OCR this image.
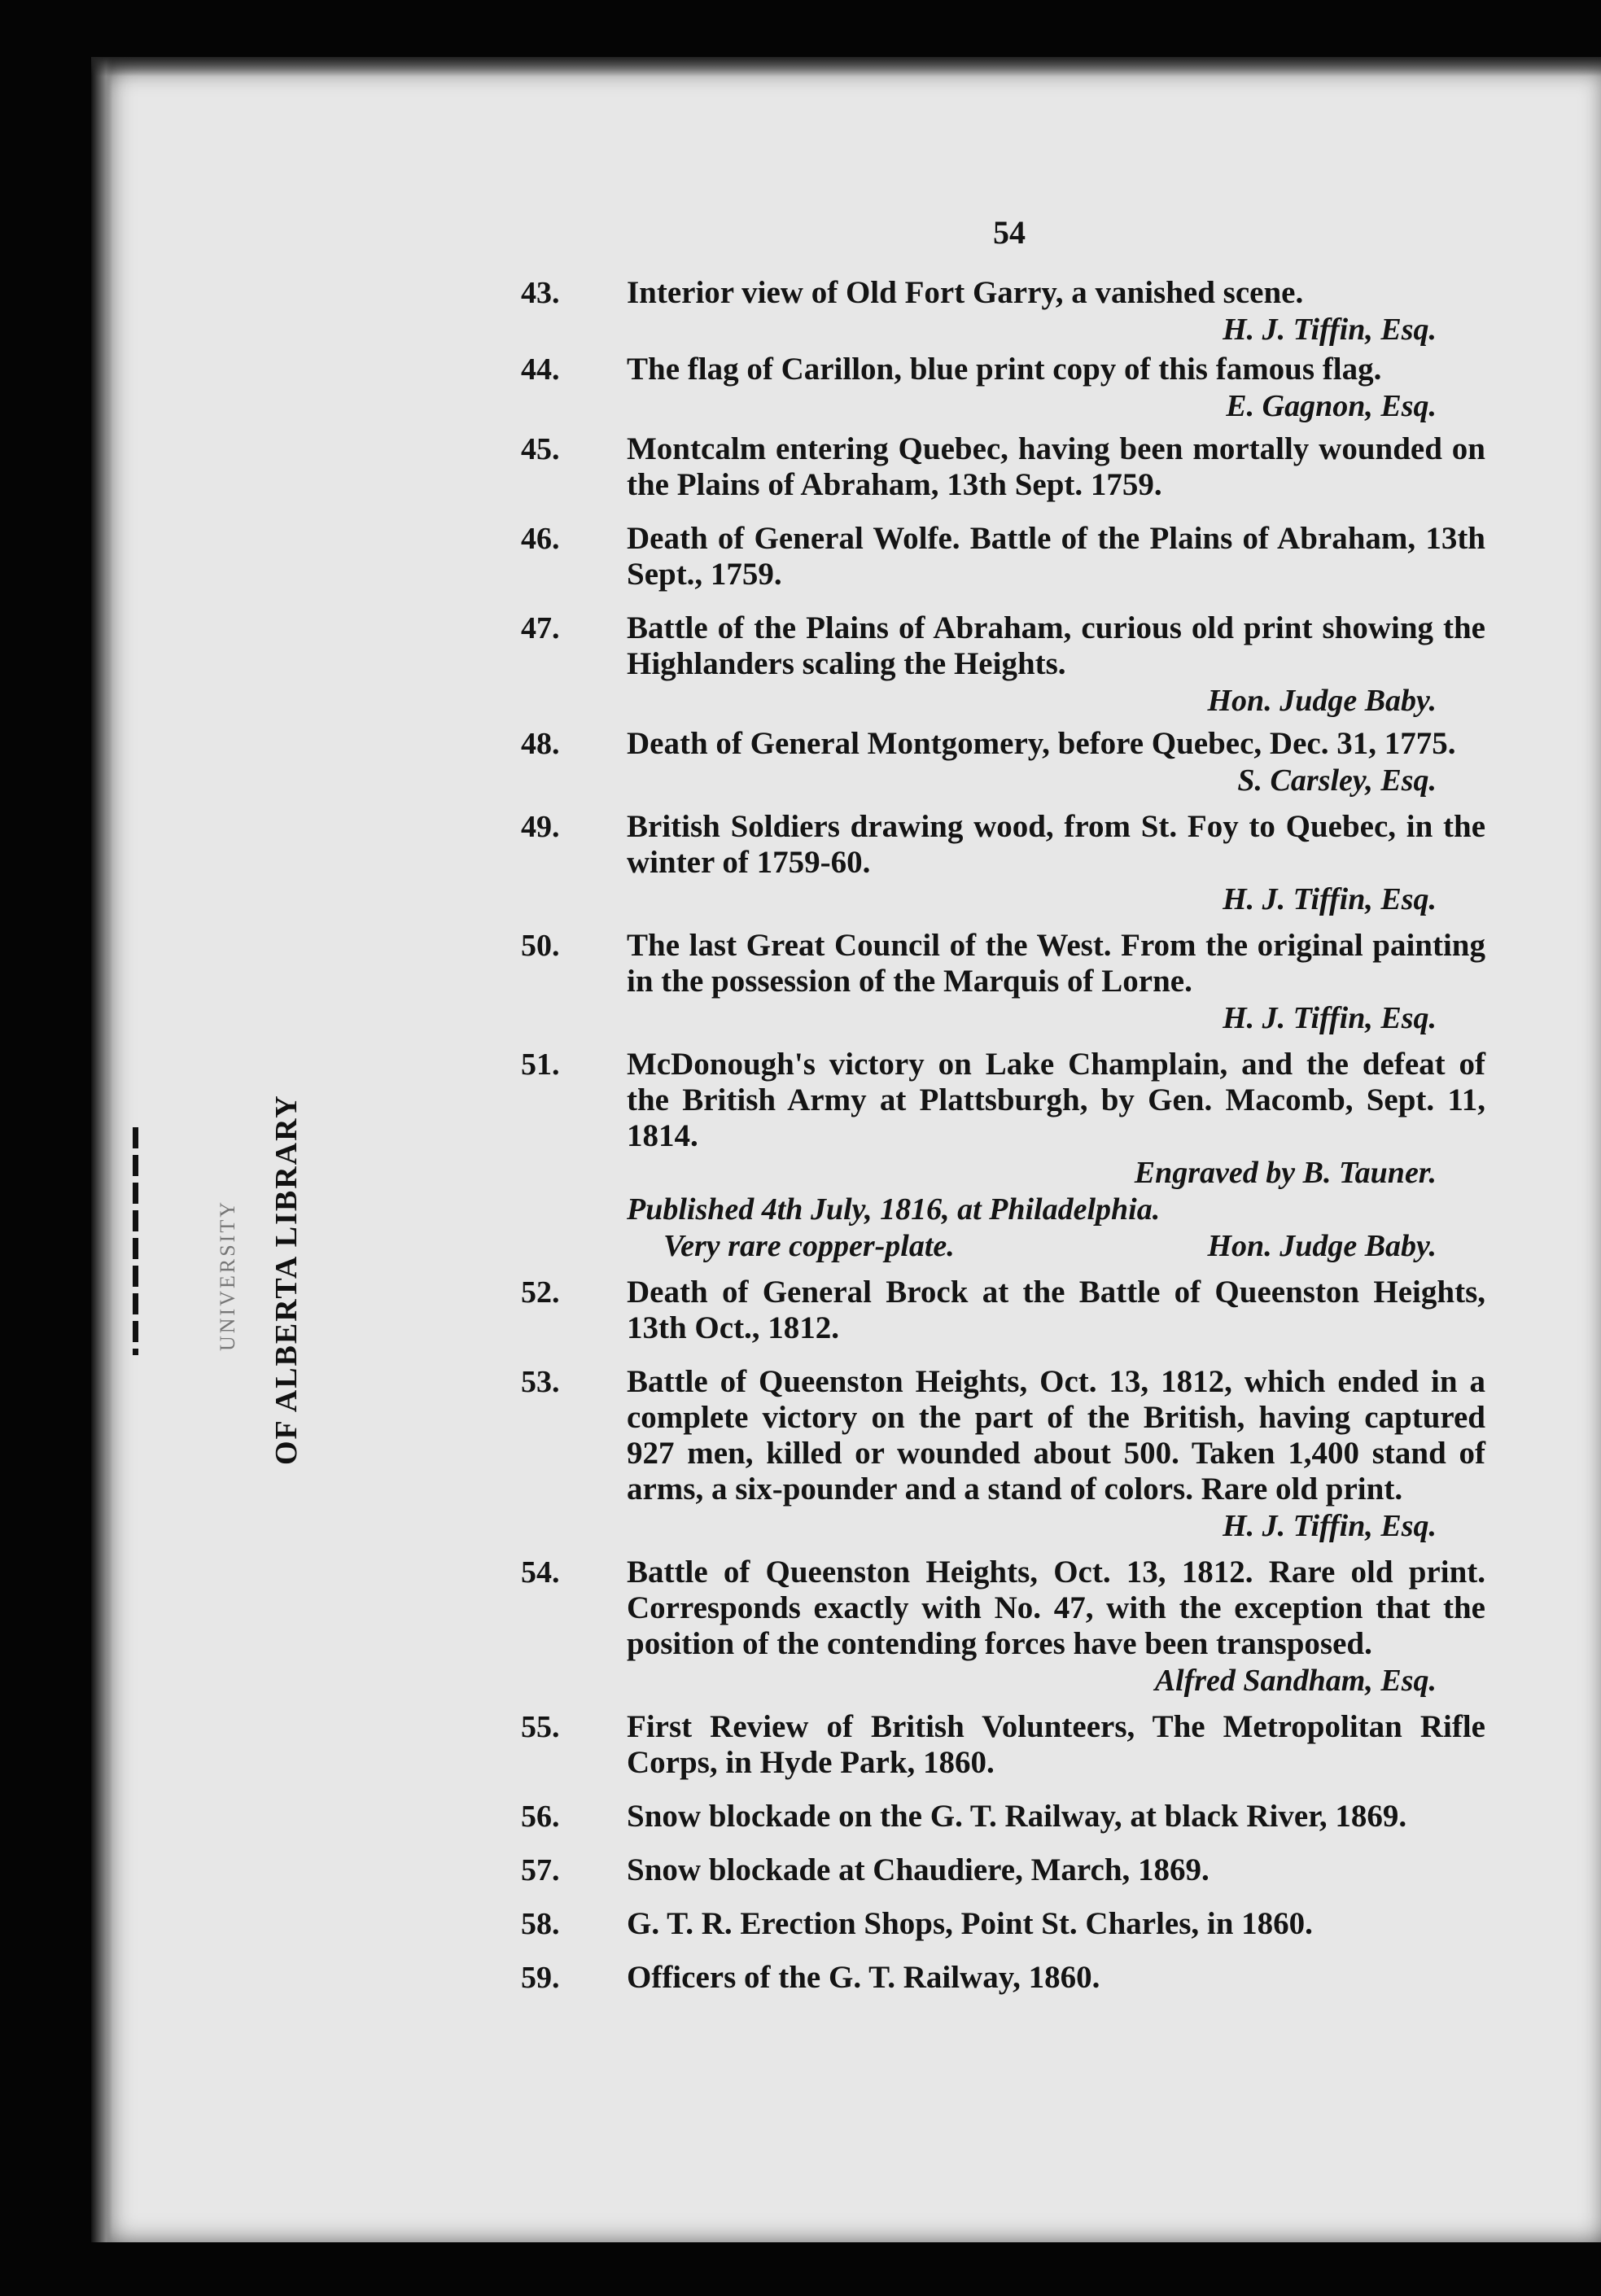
UNIVERSITY OF ALBERTA LIBRARY
54
43.	Interior view of Old Fort Garry, a vanished scene.
H. J. Tiffin, Esq.
44.	The flag of Carillon, blue print copy of this famous flag.
E. Gagnon, Esq.
45.	Montcalm entering Quebec, having been mortally wounded on the Plains of Abraham, 13th Sept. 1759.
46.	Death of General Wolfe. Battle of the Plains of Abraham, 13th Sept., 1759.
47.	Battle of the Plains of Abraham, curious old print showing the Highlanders scaling the Heights.
Hon. Judge Baby.
48.	Death of General Montgomery, before Quebec, Dec. 31, 1775.
S. Carsley, Esq.
49.	British Soldiers drawing wood, from St. Foy to Quebec, in the winter of 1759-60.
H. J. Tiffin, Esq.
50.	The last Great Council of the West. From the original painting in the possession of the Marquis of Lorne.
H. J. Tiffin, Esq.
51.	McDonough's victory on Lake Champlain, and the defeat of the British Army at Plattsburgh, by Gen. Macomb, Sept. 11, 1814.
Engraved by B. Tauner.
Published 4th July, 1816, at Philadelphia.
Very rare copper-plate.	Hon. Judge Baby.
52.	Death of General Brock at the Battle of Queenston Heights, 13th Oct., 1812.
53.	Battle of Queenston Heights, Oct. 13, 1812, which ended in a complete victory on the part of the British, having captured 927 men, killed or wounded about 500. Taken 1,400 stand of arms, a six-pounder and a stand of colors. Rare old print.
H. J. Tiffin, Esq.
54.	Battle of Queenston Heights, Oct. 13, 1812. Rare old print. Corresponds exactly with No. 47, with the exception that the position of the contending forces have been transposed.
Alfred Sandham, Esq.
55.	First Review of British Volunteers, The Metropolitan Rifle Corps, in Hyde Park, 1860.
56.	Snow blockade on the G. T. Railway, at black River, 1869.
57.	Snow blockade at Chaudiere, March, 1869.
58.	G. T. R. Erection Shops, Point St. Charles, in 1860.
59.	Officers of the G. T. Railway, 1860.
